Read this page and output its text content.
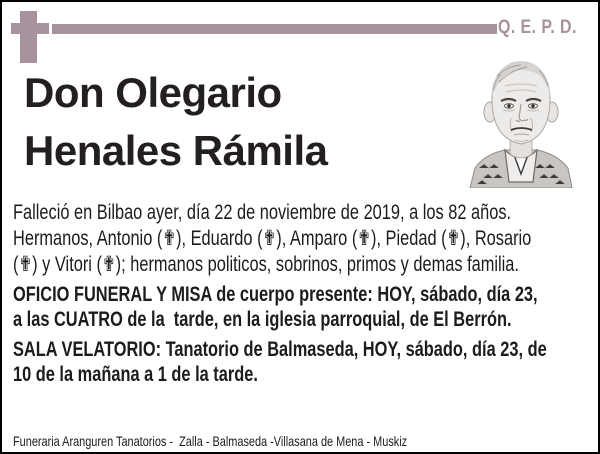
Q. E. P. D.
Don Olegario
Henales Rámila
Falleció en Bilbao ayer, día 22 de noviembre de 2019, a los 82 años.
Hermanos, Antonio (✟), Eduardo (✟), Amparo (✟), Piedad (✟), Rosario
(✟) y Vitori (✟); hermanos politicos, sobrinos, primos y demas familia.
OFICIO FUNERAL Y MISA de cuerpo presente: HOY, sábado, día 23,
a las CUATRO de la  tarde, en la iglesia parroquial, de El Berrón.
SALA VELATORIO: Tanatorio de Balmaseda, HOY, sábado, día 23, de
10 de la mañana a 1 de la tarde.
Funeraria Aranguren Tanatorios -  Zalla - Balmaseda -Villasana de Mena - Muskiz
